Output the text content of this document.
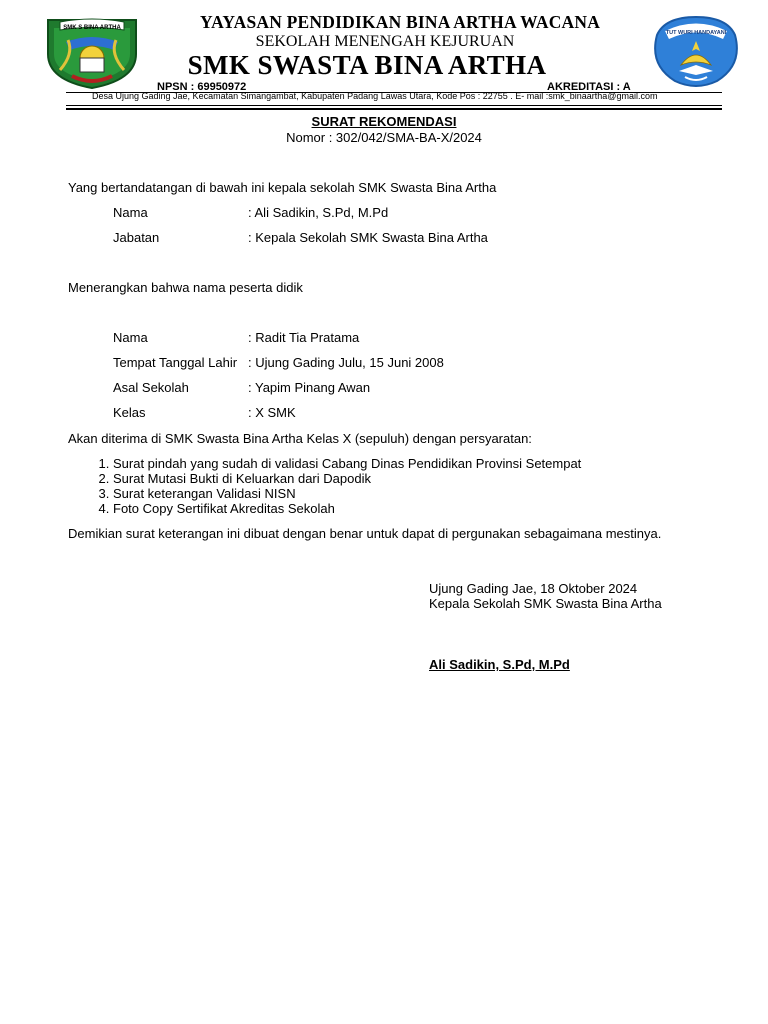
SMK S BINA ARTHA
TUT WURI HANDAYANI
YAYASAN PENDIDIKAN BINA ARTHA WACANA
SEKOLAH MENENGAH KEJURUAN
SMK SWASTA BINA ARTHA
NPSN : 69950972	AKREDITASI : A
Desa Ujung Gading Jae, Kecamatan Simangambat, Kabupaten Padang Lawas Utara, Kode Pos : 22755 . E- mail :smk_binaartha@gmail.com
SURAT REKOMENDASI
Nomor : 302/042/SMA-BA-X/2024
Yang bertandatangan di bawah ini kepala sekolah SMK Swasta Bina Artha
Nama	: Ali Sadikin, S.Pd, M.Pd
Jabatan	: Kepala Sekolah SMK Swasta Bina Artha
Menerangkan bahwa nama peserta didik
Nama	: Radit Tia Pratama
Tempat Tanggal Lahir : Ujung Gading Julu, 15 Juni 2008
Asal Sekolah	: Yapim Pinang Awan
Kelas	: X SMK
Akan diterima di SMK Swasta Bina Artha Kelas X (sepuluh) dengan persyaratan:
1. Surat pindah yang sudah di validasi Cabang Dinas Pendidikan Provinsi Setempat
2. Surat Mutasi Bukti di Keluarkan dari Dapodik
3. Surat keterangan Validasi NISN
4. Foto Copy Sertifikat Akreditas Sekolah
Demikian surat keterangan ini dibuat dengan benar untuk dapat di pergunakan sebagaimana mestinya.
Ujung Gading Jae, 18 Oktober 2024
Kepala Sekolah SMK Swasta Bina Artha
Ali Sadikin, S.Pd, M.Pd
